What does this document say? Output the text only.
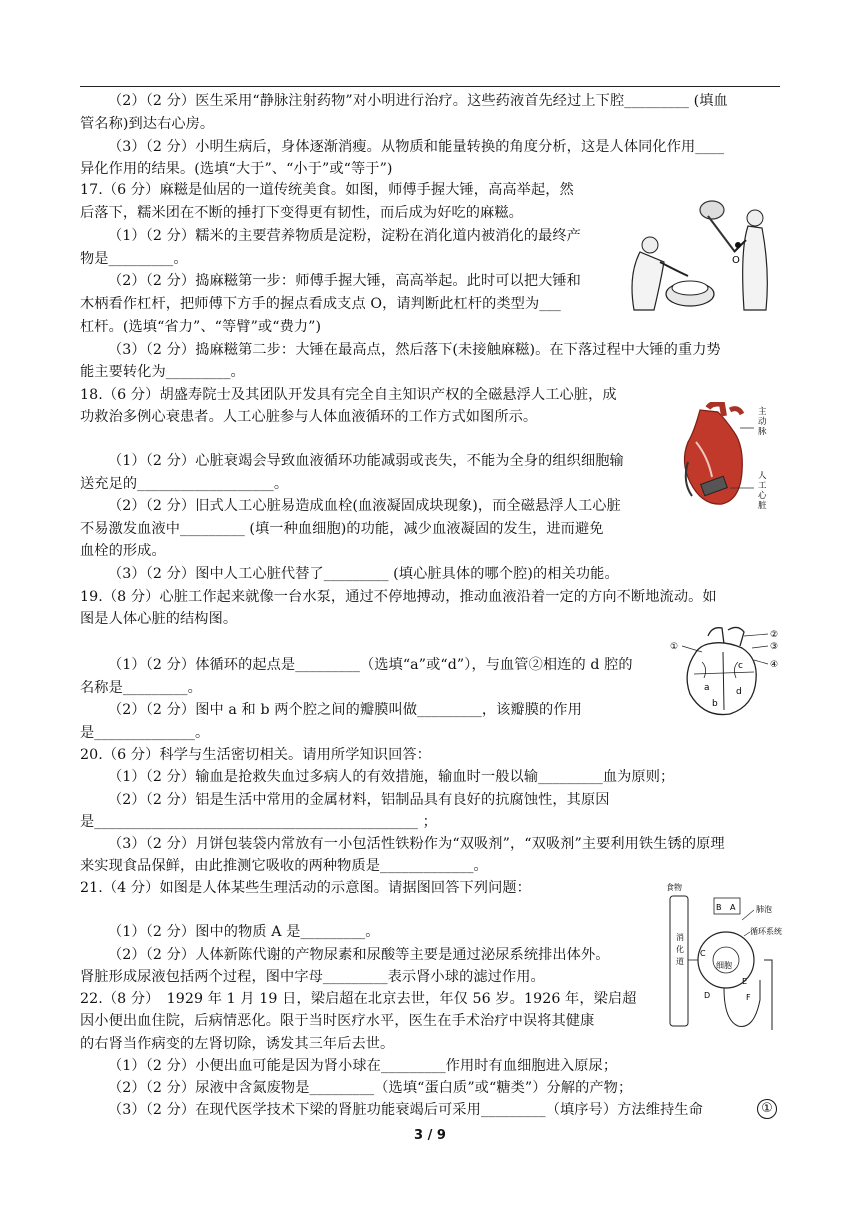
（2）（2 分）医生采用“静脉注射药物”对小明进行治疗。这些药液首先经过上下腔_________ (填血
管名称)到达右心房。
（3）（2 分）小明生病后，身体逐渐消瘦。从物质和能量转换的角度分析，这是人体同化作用____
异化作用的结果。(选填“大于”、“小于”或“等于”)
17.（6 分）麻糍是仙居的一道传统美食。如图，师傅手握大锤，高高举起，然
后落下，糯米团在不断的捶打下变得更有韧性，而后成为好吃的麻糍。
（1）（2 分）糯米的主要营养物质是淀粉，淀粉在消化道内被消化的最终产
物是_________。
（2）（2 分）捣麻糍第一步：师傅手握大锤，高高举起。此时可以把大锤和
木柄看作杠杆，把师傅下方手的握点看成支点 O，请判断此杠杆的类型为___
杠杆。(选填“省力”、“等臂”或“费力”)
（3）（2 分）捣麻糍第二步：大锤在最高点，然后落下(未接触麻糍)。在下落过程中大锤的重力势
能主要转化为_________。
18.（6 分）胡盛寿院士及其团队开发具有完全自主知识产权的全磁悬浮人工心脏，成
功救治多例心衰患者。人工心脏参与人体血液循环的工作方式如图所示。
（1）（2 分）心脏衰竭会导致血液循环功能减弱或丧失，不能为全身的组织细胞输
送充足的___________________。
（2）（2 分）旧式人工心脏易造成血栓(血液凝固成块现象)，而全磁悬浮人工心脏
不易激发血液中_________ (填一种血细胞)的功能，减少血液凝固的发生，进而避免
血栓的形成。
（3）（2 分）图中人工心脏代替了_________ (填心脏具体的哪个腔)的相关功能。
19.（8 分）心脏工作起来就像一台水泵，通过不停地搏动，推动血液沿着一定的方向不断地流动。如
图是人体心脏的结构图。
（1）（2 分）体循环的起点是_________（选填“a”或“d”），与血管②相连的 d 腔的
名称是_________。
（2）（2 分）图中 a 和 b 两个腔之间的瓣膜叫做_________，该瓣膜的作用
是______________。
20.（6 分）科学与生活密切相关。请用所学知识回答：
（1）（2 分）输血是抢救失血过多病人的有效措施，输血时一般以输_________血为原则；
（2）（2 分）铝是生活中常用的金属材料，铝制品具有良好的抗腐蚀性，其原因
是_____________________________________________ ；
（3）（2 分）月饼包装袋内常放有一小包活性铁粉作为“双吸剂”，“双吸剂”主要利用铁生锈的原理
来实现食品保鲜，由此推测它吸收的两种物质是_____________。
21.（4 分）如图是人体某些生理活动的示意图。请据图回答下列问题：
（1）（2 分）图中的物质 A 是_________。
（2）（2 分）人体新陈代谢的产物尿素和尿酸等主要是通过泌尿系统排出体外。
肾脏形成尿液包括两个过程，图中字母_________表示肾小球的滤过作用。
22.（8 分）　1929 年 1 月 19 日，梁启超在北京去世，年仅 56 岁。1926 年，梁启超
因小便出血住院，后病情恶化。限于当时医疗水平，医生在手术治疗中误将其健康
的右肾当作病变的左肾切除，诱发其三年后去世。
（1）（2 分）小便出血可能是因为肾小球在_________作用时有血细胞进入原尿；
（2）（2 分）尿液中含氮废物是_________（选填“蛋白质”或“糖类”）分解的产物；
（3）（2 分）在现代医学技术下梁的肾脏功能衰竭后可采用_________（填序号）方法维持生命	①
O
主
动
脉
人
工
心
脏
①
②
③
④
a
b
c
d
食物
B A	肺泡
循环系统
消
化
道	细胞
C
D
E
F
3 / 9
